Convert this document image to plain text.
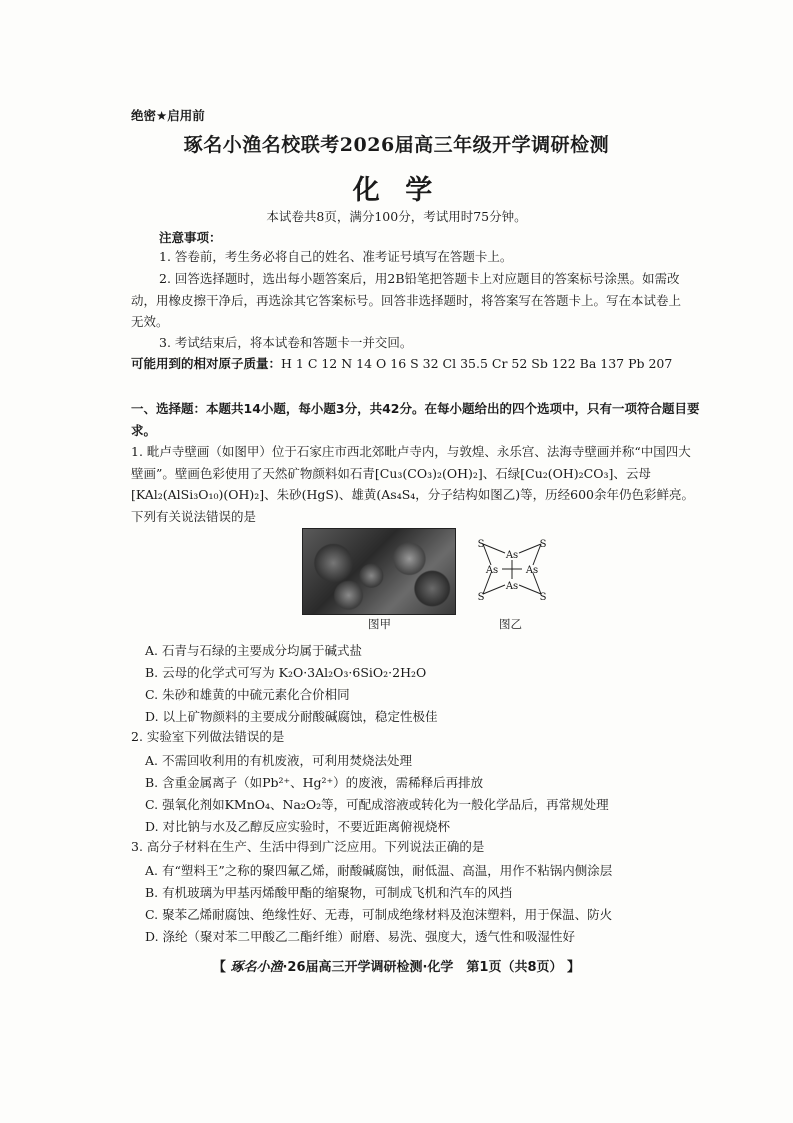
绝密★启用前
琢名小渔名校联考2026届高三年级开学调研检测
化 学
本试卷共8页，满分100分，考试用时75分钟。
注意事项：
1. 答卷前，考生务必将自己的姓名、准考证号填写在答题卡上。
2. 回答选择题时，选出每小题答案后，用2B铅笔把答题卡上对应题目的答案标号涂黑。如需改动，用橡皮擦干净后，再选涂其它答案标号。回答非选择题时，将答案写在答题卡上。写在本试卷上无效。
3. 考试结束后，将本试卷和答题卡一并交回。
可能用到的相对原子质量：H 1 C 12 N 14 O 16 S 32 Cl 35.5 Cr 52 Sb 122 Ba 137 Pb 207
一、选择题：本题共14小题，每小题3分，共42分。在每小题给出的四个选项中，只有一项符合题目要求。
1. 毗卢寺壁画（如图甲）位于石家庄市西北郊毗卢寺内，与敦煌、永乐宫、法海寺壁画并称“中国四大壁画”。壁画色彩使用了天然矿物颜料如石青[Cu₃(CO₃)₂(OH)₂]、石绿[Cu₂(OH)₂CO₃]、云母[KAl₂(AlSi₃O₁₀)(OH)₂]、朱砂(HgS)、雄黄(As₄S₄，分子结构如图乙)等，历经600余年仍色彩鲜亮。下列有关说法错误的是
图甲
S	S
S	S
As
As
As	As
图乙
A. 石青与石绿的主要成分均属于碱式盐
B. 云母的化学式可写为 K₂O·3Al₂O₃·6SiO₂·2H₂O
C. 朱砂和雄黄的中硫元素化合价相同
D. 以上矿物颜料的主要成分耐酸碱腐蚀，稳定性极佳
2. 实验室下列做法错误的是
A. 不需回收利用的有机废液，可利用焚烧法处理
B. 含重金属离子（如Pb²⁺、Hg²⁺）的废液，需稀释后再排放
C. 强氧化剂如KMnO₄、Na₂O₂等，可配成溶液或转化为一般化学品后，再常规处理
D. 对比钠与水及乙醇反应实验时，不要近距离俯视烧杯
3. 高分子材料在生产、生活中得到广泛应用。下列说法正确的是
A. 有“塑料王”之称的聚四氟乙烯，耐酸碱腐蚀，耐低温、高温，用作不粘锅内侧涂层
B. 有机玻璃为甲基丙烯酸甲酯的缩聚物，可制成飞机和汽车的风挡
C. 聚苯乙烯耐腐蚀、绝缘性好、无毒，可制成绝缘材料及泡沫塑料，用于保温、防火
D. 涤纶（聚对苯二甲酸乙二酯纤维）耐磨、易洗、强度大，透气性和吸湿性好
【 琢名小渔·26届高三开学调研检测·化学　第1页（共8页） 】
